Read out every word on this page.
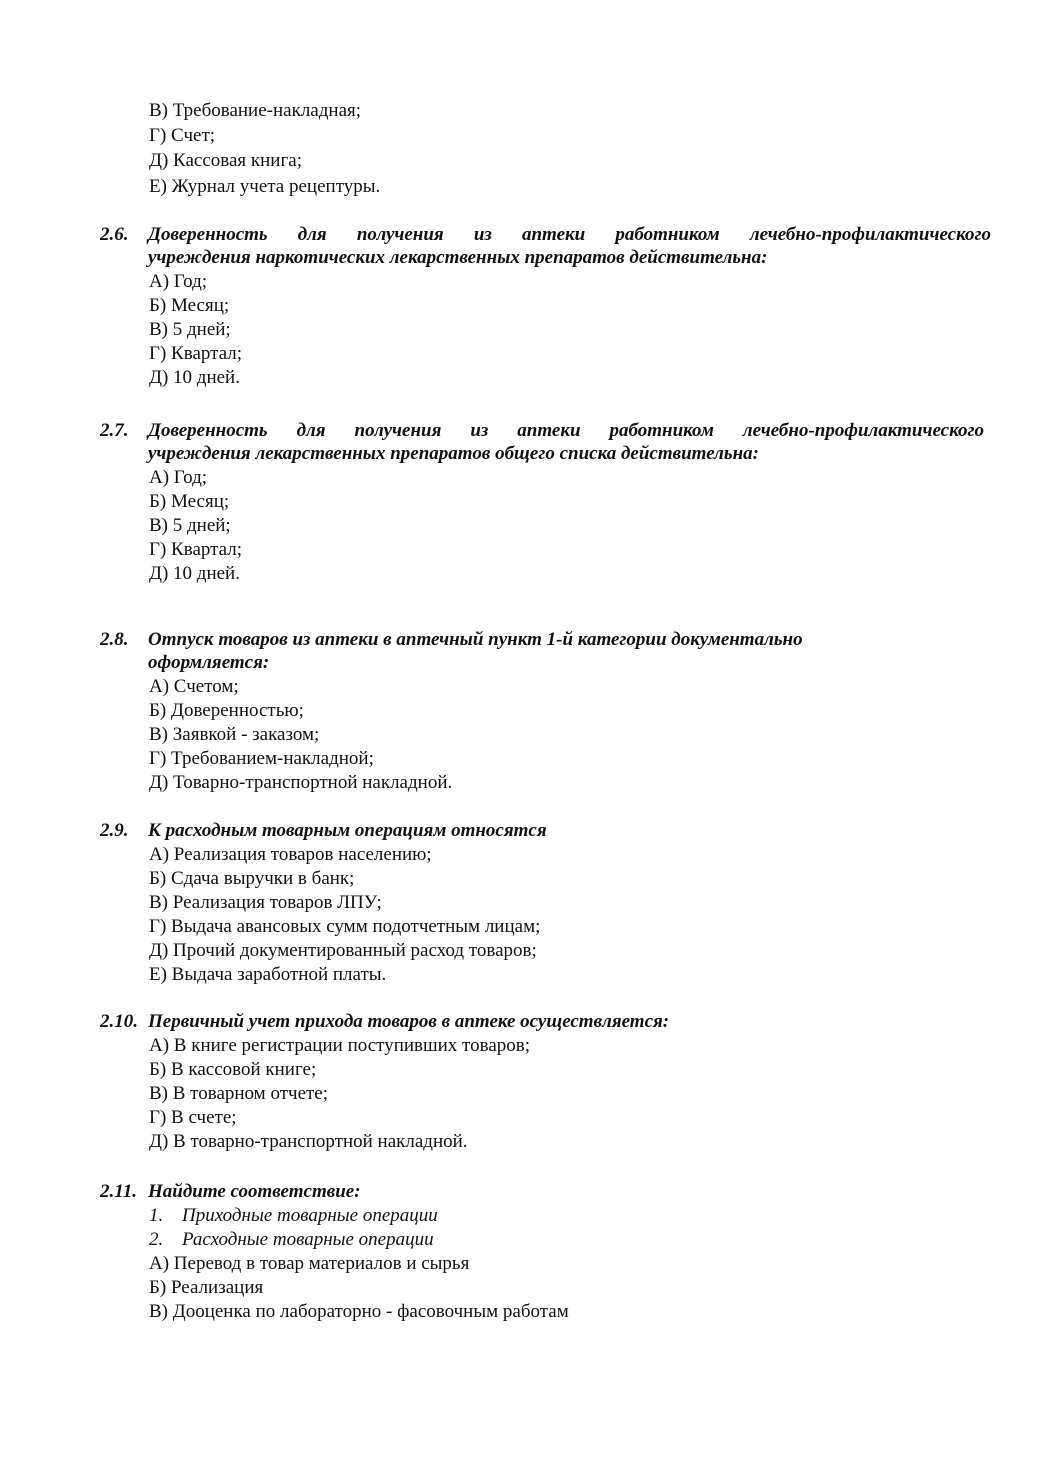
В) Требование-накладная;
Г) Счет;
Д) Кассовая книга;
Е) Журнал учета рецептуры.
2.6. Доверенность для получения из аптеки работником лечебно-профилактического
учреждения наркотических лекарственных препаратов действительна:
А) Год;
Б) Месяц;
В) 5 дней;
Г) Квартал;
Д) 10 дней.
2.7. Доверенность для получения из аптеки работником лечебно-профилактического
учреждения лекарственных препаратов общего списка действительна:
А) Год;
Б) Месяц;
В) 5 дней;
Г) Квартал;
Д) 10 дней.
2.8. Отпуск товаров из аптеки в аптечный пункт 1-й категории документально
оформляется:
А) Счетом;
Б) Доверенностью;
В) Заявкой - заказом;
Г) Требованием-накладной;
Д) Товарно-транспортной накладной.
2.9. К расходным товарным операциям относятся
А) Реализация товаров населению;
Б) Сдача выручки в банк;
В) Реализация товаров ЛПУ;
Г) Выдача авансовых сумм подотчетным лицам;
Д) Прочий документированный расход товаров;
Е) Выдача заработной платы.
2.10. Первичный учет прихода товаров в аптеке осуществляется:
А) В книге регистрации поступивших товаров;
Б) В кассовой книге;
В) В товарном отчете;
Г) В счете;
Д) В товарно-транспортной накладной.
2.11. Найдите соответствие:
1. Приходные товарные операции
2. Расходные товарные операции
А) Перевод в товар материалов и сырья
Б) Реализация
В) Дооценка по лабораторно - фасовочным работам
